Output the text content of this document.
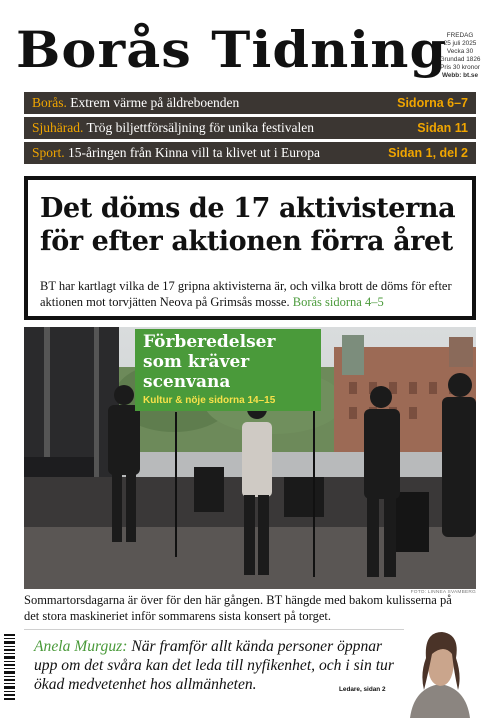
Borås Tidning FREDAG
25 juli 2025
Vecka 30
Grundad 1826
Pris 30 kronor
Webb: bt.se
Borås. Extrem värme på äldreboenden	Sidorna 6–7
Sjuhärad. Trög biljettförsäljning för unika festivalen	Sidan 11
Sport. 15-åringen från Kinna vill ta klivet ut i Europa	Sidan 1, del 2
Det döms de 17 aktivisterna för efter aktionen förra året
BT har kartlagt vilka de 17 gripna aktivisterna är, och vilka brott de döms för efter aktionen mot torvjätten Neova på Grimsås mosse. Borås sidorna 4–5
Förberedelser som kräver scenvana
Kultur & nöje sidorna 14–15
FOTO: LINNEA SVAMBERG
Sommartorsdagarna är över för den här gången. BT hängde med bakom kulisserna på det stora maskineriet inför sommarens sista konsert på torget.
Anela Murguz: När framför allt kända personer öppnar upp om det svåra kan det leda till nyfikenhet, och i sin tur ökad medvetenhet hos allmänheten.	Ledare, sidan 2
